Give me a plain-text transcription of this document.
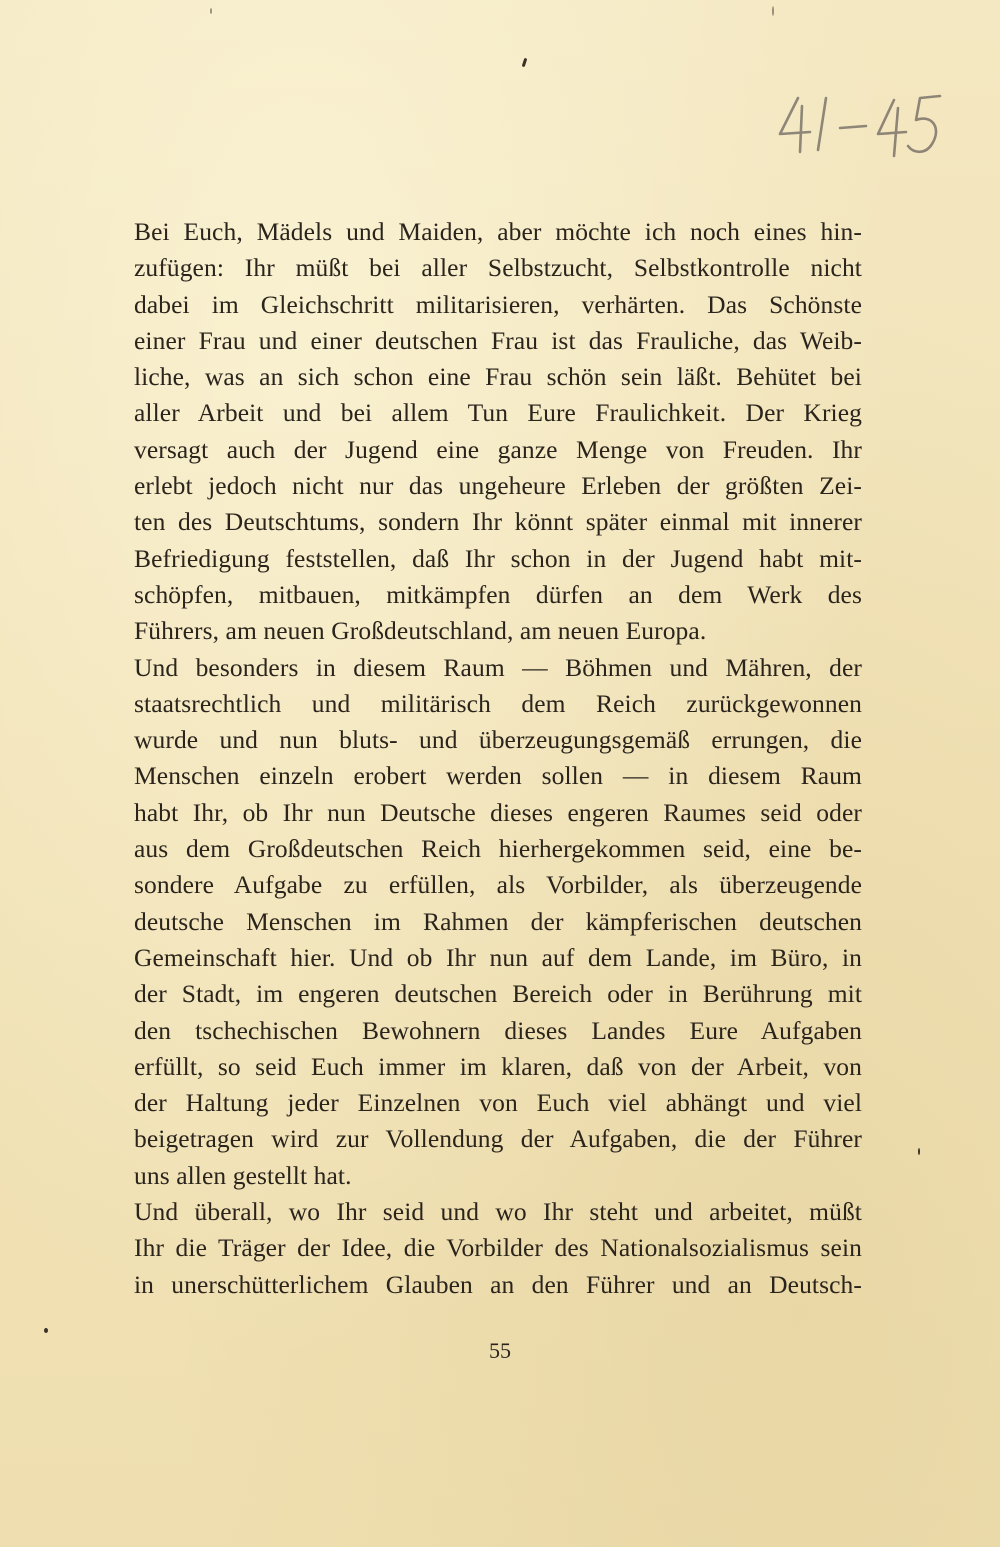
Bei Euch, Mädels und Maiden, aber möchte ich noch eines hin-
zufügen: Ihr müßt bei aller Selbstzucht, Selbstkontrolle nicht
dabei im Gleichschritt militarisieren, verhärten. Das Schönste
einer Frau und einer deutschen Frau ist das Frauliche, das Weib-
liche, was an sich schon eine Frau schön sein läßt. Behütet bei
aller Arbeit und bei allem Tun Eure Fraulichkeit. Der Krieg
versagt auch der Jugend eine ganze Menge von Freuden. Ihr
erlebt jedoch nicht nur das ungeheure Erleben der größten Zei-
ten des Deutschtums, sondern Ihr könnt später einmal mit innerer
Befriedigung feststellen, daß Ihr schon in der Jugend habt mit-
schöpfen, mitbauen, mitkämpfen dürfen an dem Werk des
Führers, am neuen Großdeutschland, am neuen Europa.
Und besonders in diesem Raum — Böhmen und Mähren, der
staatsrechtlich und militärisch dem Reich zurückgewonnen
wurde und nun bluts- und überzeugungsgemäß errungen, die
Menschen einzeln erobert werden sollen — in diesem Raum
habt Ihr, ob Ihr nun Deutsche dieses engeren Raumes seid oder
aus dem Großdeutschen Reich hierhergekommen seid, eine be-
sondere Aufgabe zu erfüllen, als Vorbilder, als überzeugende
deutsche Menschen im Rahmen der kämpferischen deutschen
Gemeinschaft hier. Und ob Ihr nun auf dem Lande, im Büro, in
der Stadt, im engeren deutschen Bereich oder in Berührung mit
den tschechischen Bewohnern dieses Landes Eure Aufgaben
erfüllt, so seid Euch immer im klaren, daß von der Arbeit, von
der Haltung jeder Einzelnen von Euch viel abhängt und viel
beigetragen wird zur Vollendung der Aufgaben, die der Führer
uns allen gestellt hat.
Und überall, wo Ihr seid und wo Ihr steht und arbeitet, müßt
Ihr die Träger der Idee, die Vorbilder des Nationalsozialismus sein
in unerschütterlichem Glauben an den Führer und an Deutsch-
55
